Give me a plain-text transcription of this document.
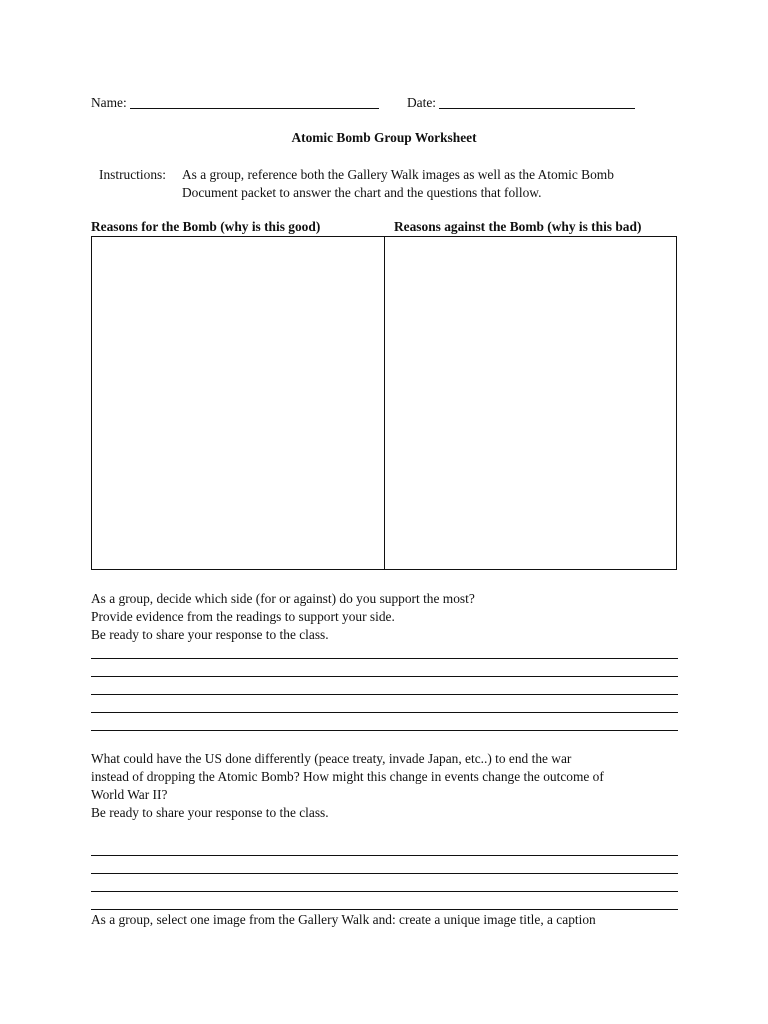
Name:	Date:
Atomic Bomb Group Worksheet
Instructions: As a group, reference both the Gallery Walk images as well as the Atomic Bomb
Document packet to answer the chart and the questions that follow.
Reasons for the Bomb (why is this good)	Reasons against the Bomb (why is this bad)
As a group, decide which side (for or against) do you support the most?
Provide evidence from the readings to support your side.
Be ready to share your response to the class.
What could have the US done differently (peace treaty, invade Japan, etc..) to end the war
instead of dropping the Atomic Bomb? How might this change in events change the outcome of
World War II?
Be ready to share your response to the class.
As a group, select one image from the Gallery Walk and: create a unique image title, a caption
